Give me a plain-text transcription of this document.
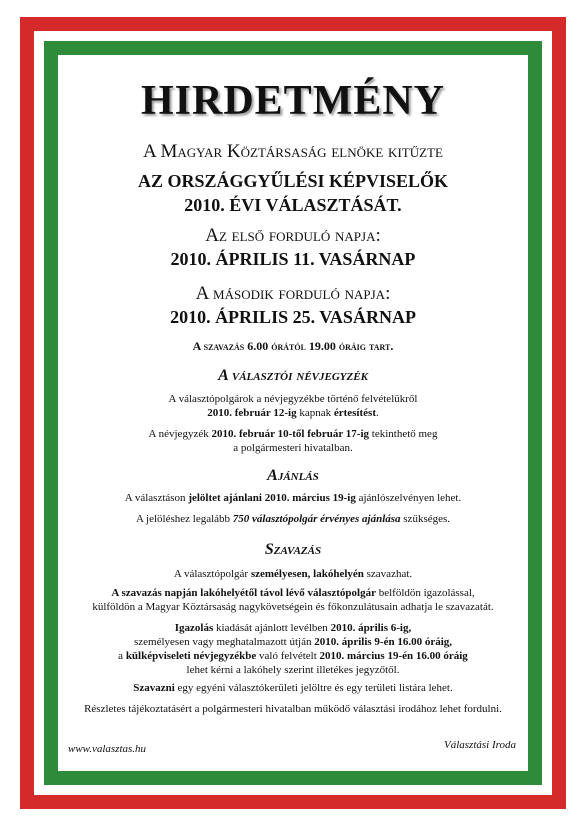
HIRDETMÉNY
A Magyar Köztársaság elnöke kitűzte
AZ ORSZÁGGYŰLÉSI KÉPVISELŐK
2010. ÉVI VÁLASZTÁSÁT.
Az első forduló napja:
2010. ÁPRILIS 11. VASÁRNAP
A második forduló napja:
2010. ÁPRILIS 25. VASÁRNAP
A szavazás 6.00 órától 19.00 óráig tart.
A választói névjegyzék
A választópolgárok a névjegyzékbe történő felvételükről
2010. február 12-ig kapnak értesítést.
A névjegyzék 2010. február 10-től február 17-ig tekinthető meg
a polgármesteri hivatalban.
Ajánlás
A választáson jelöltet ajánlani 2010. március 19-ig ajánlószelvényen lehet.
A jelöléshez legalább 750 választópolgár érvényes ajánlása szükséges.
Szavazás
A választópolgár személyesen, lakóhelyén szavazhat.
A szavazás napján lakóhelyétől távol lévő választópolgár belföldön igazolással,
külföldön a Magyar Köztársaság nagykövetségein és főkonzulátusain adhatja le szavazatát.
Igazolás kiadását ajánlott levélben 2010. április 6-ig,
személyesen vagy meghatalmazott útján 2010. április 9-én 16.00 óráig,
a külképviseleti névjegyzékbe való felvételt 2010. március 19-én 16.00 óráig
lehet kérni a lakóhely szerint illetékes jegyzőtől.
Szavazni egy egyéni választókerületi jelöltre és egy területi listára lehet.
Részletes tájékoztatásért a polgármesteri hivatalban működő választási irodához lehet fordulni.
www.valasztas.hu	Választási Iroda
